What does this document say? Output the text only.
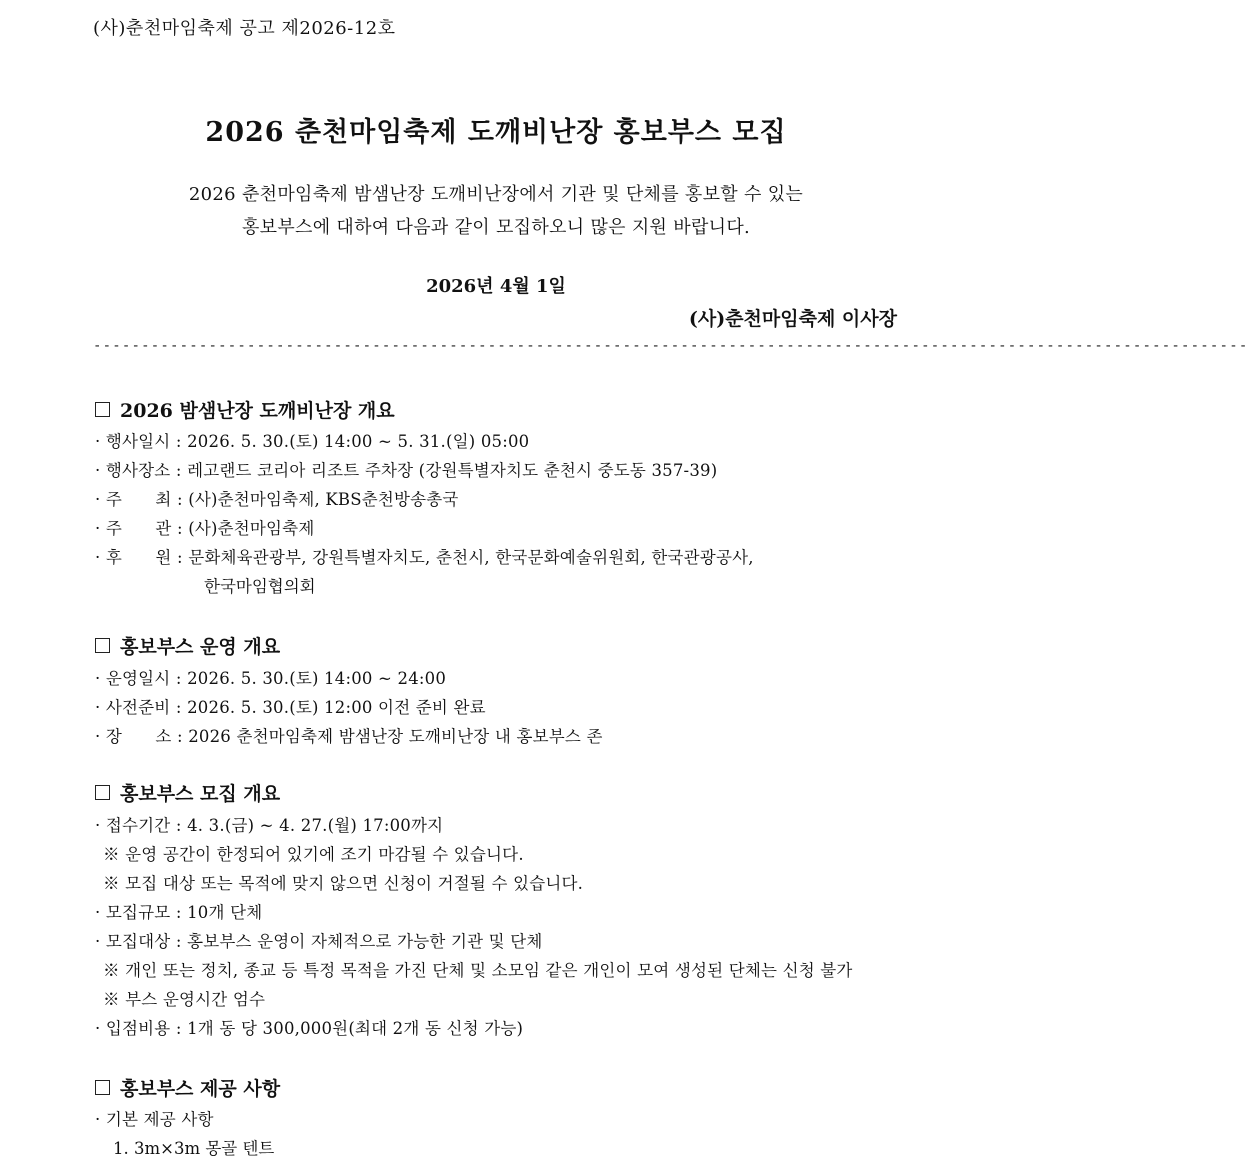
(사)춘천마임축제 공고 제2026-12호
2026 춘천마임축제 도깨비난장 홍보부스 모집
2026 춘천마임축제 밤샘난장 도깨비난장에서 기관 및 단체를 홍보할 수 있는
홍보부스에 대하여 다음과 같이 모집하오니 많은 지원 바랍니다.
2026년 4월 1일
(사)춘천마임축제 이사장
------------------------------------------------------------------------------------------------------------------------
2026 밤샘난장 도깨비난장 개요
· 행사일시 : 2026. 5. 30.(토) 14:00 ~ 5. 31.(일) 05:00
· 행사장소 : 레고랜드 코리아 리조트 주차장 (강원특별자치도 춘천시 중도동 357-39)
· 주　　최 : (사)춘천마임축제, KBS춘천방송총국
· 주　　관 : (사)춘천마임축제
· 후　　원 : 문화체육관광부, 강원특별자치도, 춘천시, 한국문화예술위원회, 한국관광공사,
한국마임협의회
홍보부스 운영 개요
· 운영일시 : 2026. 5. 30.(토) 14:00 ~ 24:00
· 사전준비 : 2026. 5. 30.(토) 12:00 이전 준비 완료
· 장　　소 : 2026 춘천마임축제 밤샘난장 도깨비난장 내 홍보부스 존
홍보부스 모집 개요
· 접수기간 : 4. 3.(금) ~ 4. 27.(월) 17:00까지
※ 운영 공간이 한정되어 있기에 조기 마감될 수 있습니다.
※ 모집 대상 또는 목적에 맞지 않으면 신청이 거절될 수 있습니다.
· 모집규모 : 10개 단체
· 모집대상 : 홍보부스 운영이 자체적으로 가능한 기관 및 단체
※ 개인 또는 정치, 종교 등 특정 목적을 가진 단체 및 소모임 같은 개인이 모여 생성된 단체는 신청 불가
※ 부스 운영시간 엄수
· 입점비용 : 1개 동 당 300,000원(최대 2개 동 신청 가능)
홍보부스 제공 사항
· 기본 제공 사항
1. 3m×3m 몽골 텐트
